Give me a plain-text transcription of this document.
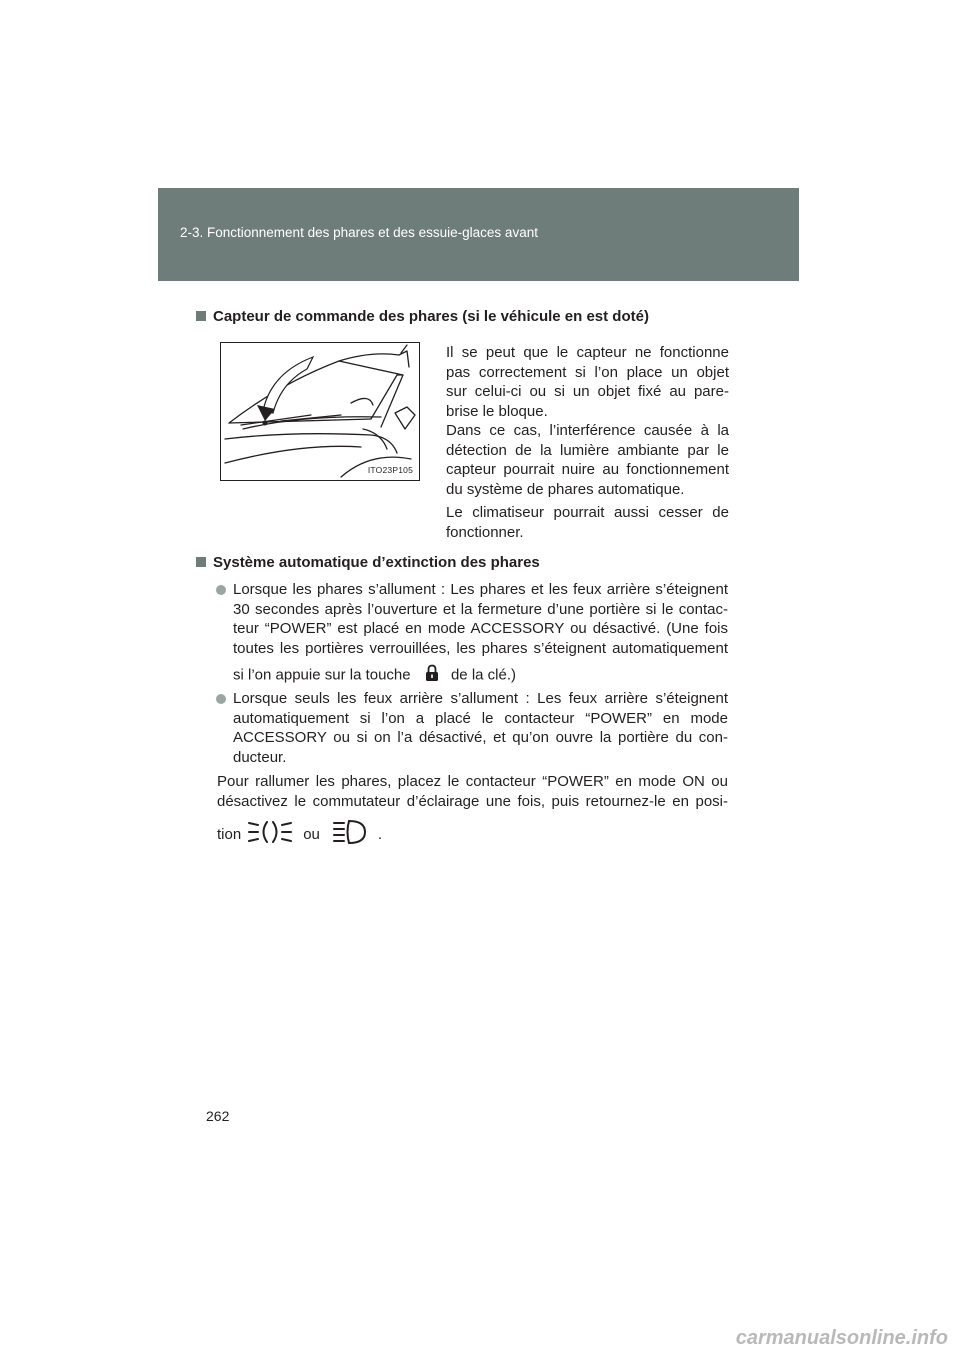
2-3. Fonctionnement des phares et des essuie-glaces avant
Capteur de commande des phares (si le véhicule en est doté)
ITO23P105
Il se peut que le capteur ne fonctionne
pas correctement si l’on place un objet
sur celui-ci ou si un objet fixé au pare-
brise le bloque.
Dans ce cas, l’interférence causée à la
détection de la lumière ambiante par le
capteur pourrait nuire au fonctionnement
du système de phares automatique.
Le climatiseur pourrait aussi cesser de
fonctionner.
Système automatique d’extinction des phares
Lorsque les phares s’allument : Les phares et les feux arrière s’éteignent
30 secondes après l’ouverture et la fermeture d’une portière si le contac-
teur “POWER” est placé en mode ACCESSORY ou désactivé. (Une fois
toutes les portières verrouillées, les phares s’éteignent automatiquement
si l’on appuie sur la touche	de la clé.)
Lorsque seuls les feux arrière s’allument : Les feux arrière s’éteignent
automatiquement si l’on a placé le contacteur “POWER” en mode
ACCESSORY ou si on l’a désactivé, et qu’on ouvre la portière du con-
ducteur.
Pour rallumer les phares, placez le contacteur “POWER” en mode ON ou
désactivez le commutateur d’éclairage une fois, puis retournez-le en posi-
tion	ou	.
262
carmanualsonline.info
